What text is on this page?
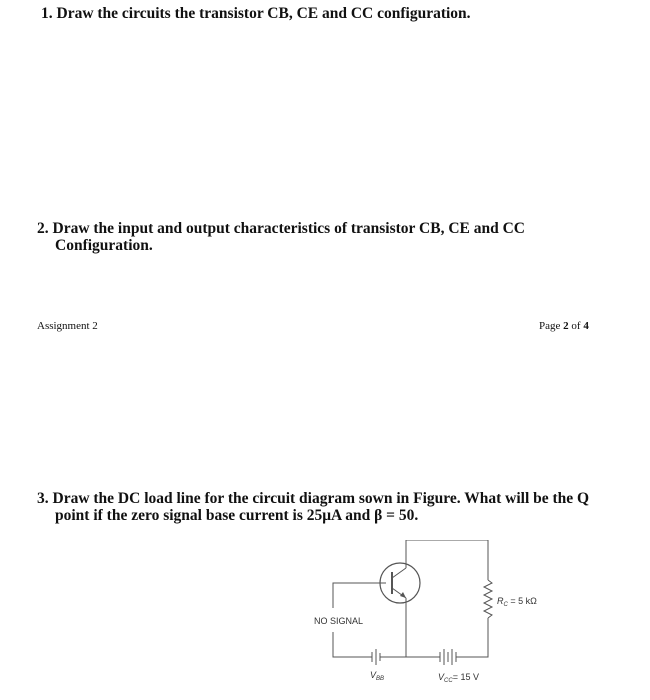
1. Draw the circuits the transistor CB, CE and CC configuration.
2. Draw the input and output characteristics of transistor CB, CE and CC
Configuration.
Assignment 2	Page 2 of 4
3. Draw the DC load line for the circuit diagram sown in Figure. What will be the Q
point if the zero signal base current is 25μA and β = 50.
NO SIGNAL
$R_C = 5$ kΩ
$V_{BB}$	$V_{CC}= 15$ V
